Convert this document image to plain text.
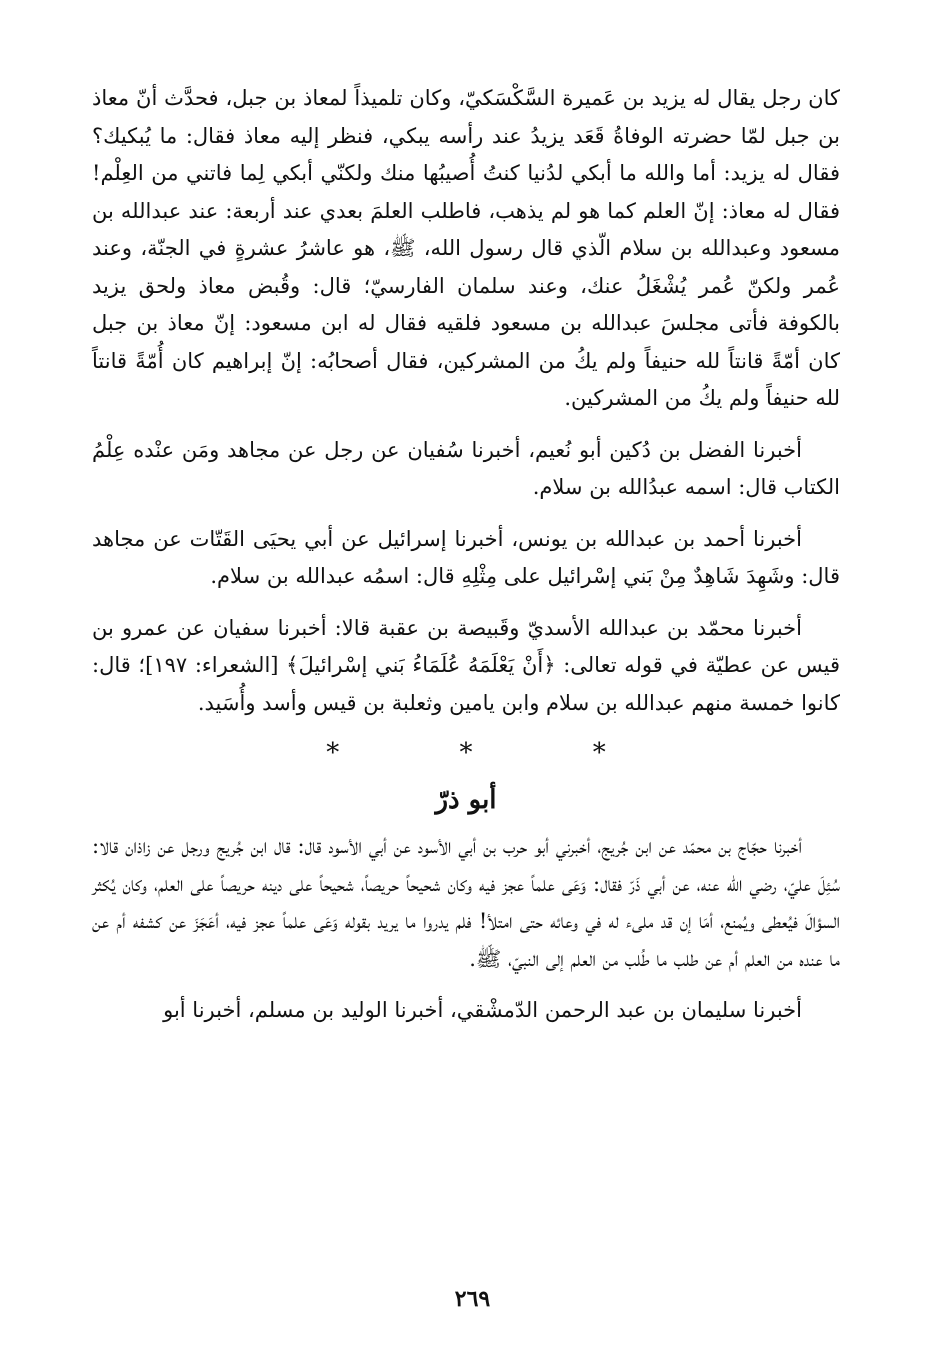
كان رجل يقال له يزيد بن عَميرة السَّكْسَكيّ، وكان تلميذاً لمعاذ بن جبل، فحدَّث أنّ معاذ بن جبل لمّا حضرته الوفاةُ قَعَد يزيدُ عند رأسه يبكي، فنظر إليه معاذ فقال: ما يُبكيك؟ فقال له يزيد: أما والله ما أبكي لدُنيا كنتُ أُصيبُها منك ولكنّي أبكي لِما فاتني من العِلْم! فقال له معاذ: إنّ العلم كما هو لم يذهب، فاطلب العلمَ بعدي عند أربعة: عند عبدالله بن مسعود وعبدالله بن سلام الّذي قال رسول الله، ﷺ، هو عاشرُ عشرةٍ في الجنّة، وعند عُمر ولكنّ عُمر يُشْغَلُ عنك، وعند سلمان الفارسيّ؛ قال: وقُبض معاذ ولحق يزيد بالكوفة فأتى مجلسَ عبدالله بن مسعود فلقيه فقال له ابن مسعود: إنّ معاذ بن جبل كان أمّةً قانتاً لله حنيفاً ولم يكُ من المشركين، فقال أصحابُه: إنّ إبراهيم كان أُمّةً قانتاً لله حنيفاً ولم يكُ من المشركين.

أخبرنا الفضل بن دُكين أبو نُعيم، أخبرنا سُفيان عن رجل عن مجاهد ومَن عنْده عِلْمُ الكتاب قال: اسمه عبدُالله بن سلام.

أخبرنا أحمد بن عبدالله بن يونس، أخبرنا إسرائيل عن أبي يحيَى القَتّات عن مجاهد قال: وشَهِدَ شَاهِدٌ مِنْ بَني إسْرائيل على مِثْلِهِ قال: اسمُه عبدالله بن سلام.

أخبرنا محمّد بن عبدالله الأسديّ وقَبيصة بن عقبة قالا: أخبرنا سفيان عن عمرو بن قيس عن عطيّة في قوله تعالى: ﴿أَنْ يَعْلَمَهُ عُلَمَاءُ بَني إسْرائيلَ﴾ [الشعراء: ١٩٧]؛ قال: كانوا خمسة منهم عبدالله بن سلام وابن يامين وثعلبة بن قيس وأسد وأُسَيد.

* * *
أبو ذرّ

أخبرنا حجّاج بن محمّد عن ابن جُريج، أخبرني أبو حرب بن أبي الأسود عن أبي الأسود قال: قال ابن جُريج ورجل عن زاذان قالا: سُئِلَ عليّ، رضي الله عنه، عن أبي ذَرّ فقال: وَعَى علماً عجز فيه وكان شحيحاً حريصاً، شحيحاً على دينه حريصاً على العلم، وكان يُكثر السؤالَ فيُعطى ويُمنع، أمَا إن قد ملىء له في وعائه حتى امتلأ! فلم يدروا ما يريد بقوله وَعَى علماً عجز فيه، أعَجَزَ عن كشفه أم عن ما عنده من العلم أم عن طلب ما طُلب من العلم إلى النبيّ، ﷺ.

أخبرنا سليمان بن عبد الرحمن الدّمشْقي، أخبرنا الوليد بن مسلم، أخبرنا أبو

٢٦٩
